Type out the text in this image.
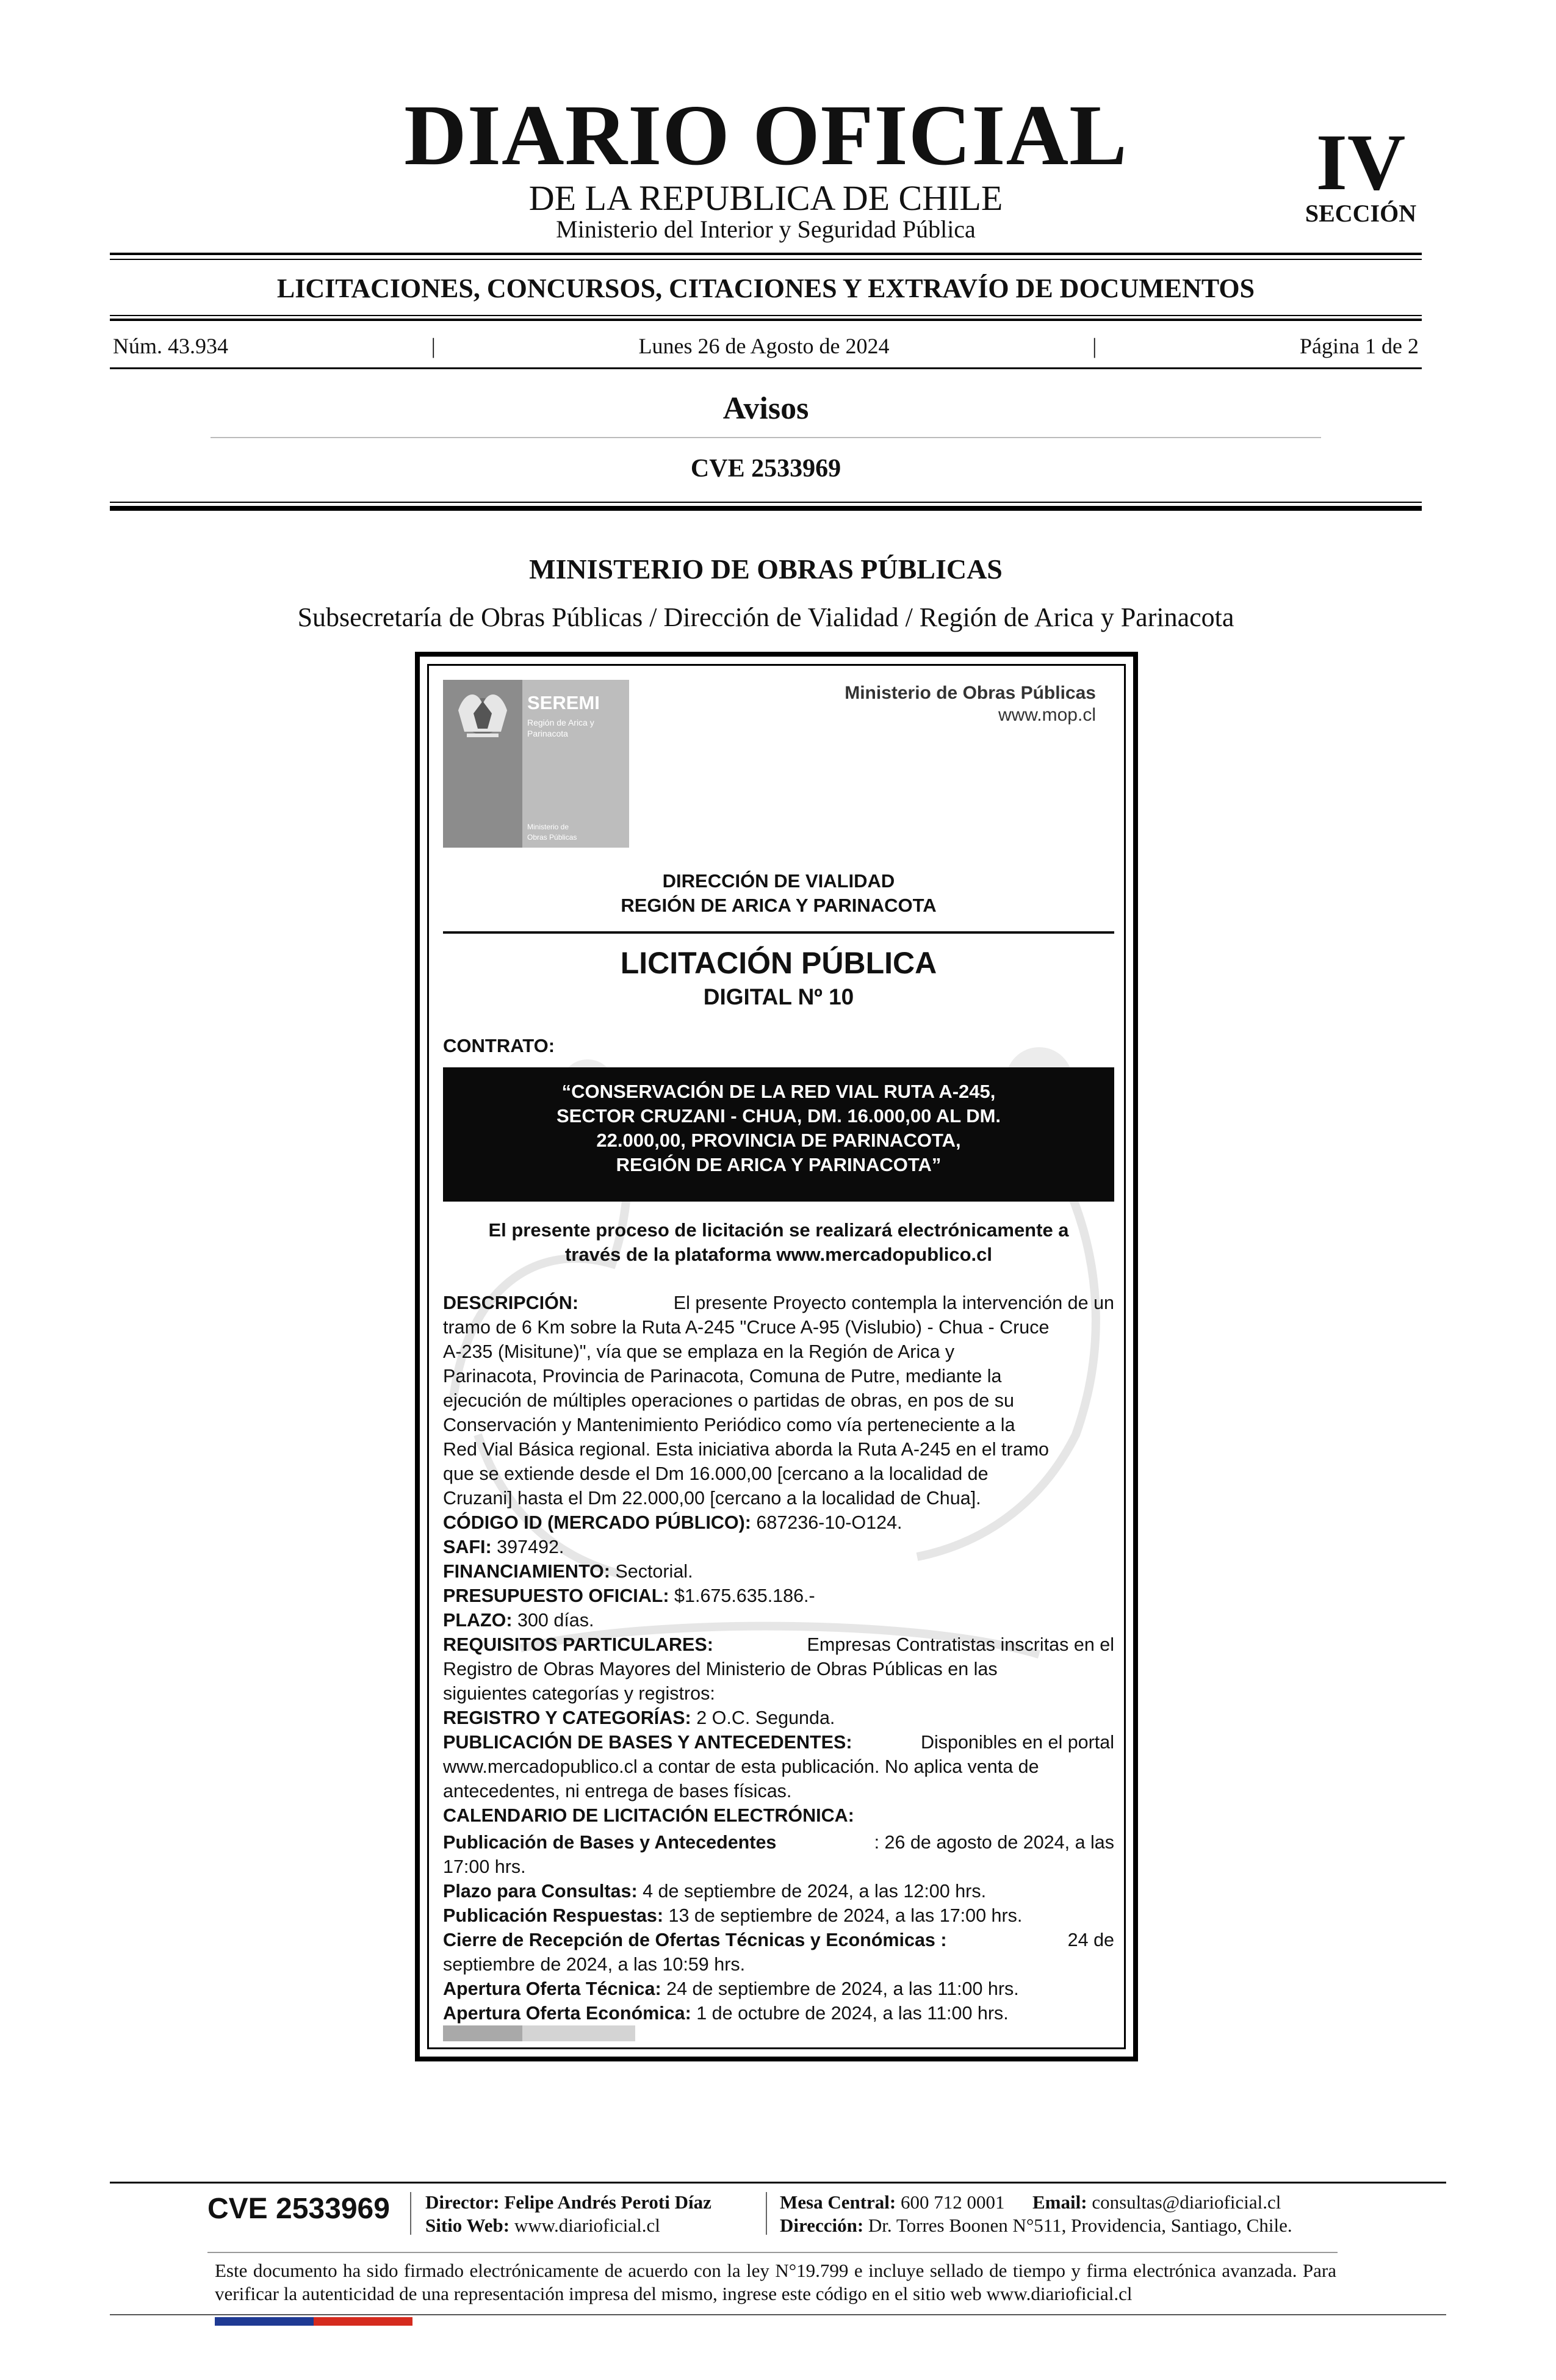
DIARIO OFICIAL
DE LA REPUBLICA DE CHILE
Ministerio del Interior y Seguridad Pública
IV
SECCIÓN
LICITACIONES, CONCURSOS, CITACIONES Y EXTRAVÍO DE DOCUMENTOS
Núm. 43.934	|	Lunes 26 de Agosto de 2024	|	Página 1 de 2
Avisos
CVE 2533969
MINISTERIO DE OBRAS PÚBLICAS
Subsecretaría de Obras Públicas / Dirección de Vialidad / Región de Arica y Parinacota
SEREMI
Región de Arica y
Parinacota
Ministerio de
Obras Públicas
Ministerio de Obras Públicas
www.mop.cl
DIRECCIÓN DE VIALIDAD
REGIÓN DE ARICA Y PARINACOTA
LICITACIÓN PÚBLICA
DIGITAL Nº 10
CONTRATO:
“CONSERVACIÓN DE LA RED VIAL RUTA A-245,
SECTOR CRUZANI - CHUA, DM. 16.000,00 AL DM.
22.000,00, PROVINCIA DE PARINACOTA,
REGIÓN DE ARICA Y PARINACOTA”
El presente proceso de licitación se realizará electrónicamente a
través de la plataforma www.mercadopublico.cl
DESCRIPCIÓN:	El presente Proyecto contempla la intervención de un
tramo de 6 Km sobre la Ruta A-245 "Cruce A-95 (Vislubio) - Chua - Cruce
A-235 (Misitune)", vía que se emplaza en la Región de Arica y
Parinacota, Provincia de Parinacota, Comuna de Putre, mediante la
ejecución de múltiples operaciones o partidas de obras, en pos de su
Conservación y Mantenimiento Periódico como vía perteneciente a la
Red Vial Básica regional. Esta iniciativa aborda la Ruta A-245 en el tramo
que se extiende desde el Dm 16.000,00 [cercano a la localidad de
Cruzani] hasta el Dm 22.000,00 [cercano a la localidad de Chua].
CÓDIGO ID (MERCADO PÚBLICO): 687236-10-O124.
SAFI: 397492.
FINANCIAMIENTO: Sectorial.
PRESUPUESTO OFICIAL: $1.675.635.186.-
PLAZO: 300 días.
REQUISITOS PARTICULARES:	Empresas Contratistas inscritas en el
Registro de Obras Mayores del Ministerio de Obras Públicas en las
siguientes categorías y registros:
REGISTRO Y CATEGORÍAS: 2 O.C. Segunda.
PUBLICACIÓN DE BASES Y ANTECEDENTES:	Disponibles en el portal
www.mercadopublico.cl a contar de esta publicación. No aplica venta de
antecedentes, ni entrega de bases físicas.
CALENDARIO DE LICITACIÓN ELECTRÓNICA:
Publicación de Bases y Antecedentes	: 26 de agosto de 2024, a las
17:00 hrs.
Plazo para Consultas: 4 de septiembre de 2024, a las 12:00 hrs.
Publicación Respuestas: 13 de septiembre de 2024, a las 17:00 hrs.
Cierre de Recepción de Ofertas Técnicas y Económicas :	24 de
septiembre de 2024, a las 10:59 hrs.
Apertura Oferta Técnica: 24 de septiembre de 2024, a las 11:00 hrs.
Apertura Oferta Económica: 1 de octubre de 2024, a las 11:00 hrs.
CVE 2533969 Director: Felipe Andrés Peroti Díaz
Sitio Web: www.diarioficial.cl
Mesa Central: 600 712 0001 Email: consultas@diarioficial.cl
Dirección: Dr. Torres Boonen N°511, Providencia, Santiago, Chile.
Este documento ha sido firmado electrónicamente de acuerdo con la ley N°19.799 e incluye sellado de tiempo y firma electrónica avanzada. Para verificar la autenticidad de una representación impresa del mismo, ingrese este código en el sitio web www.diarioficial.cl
